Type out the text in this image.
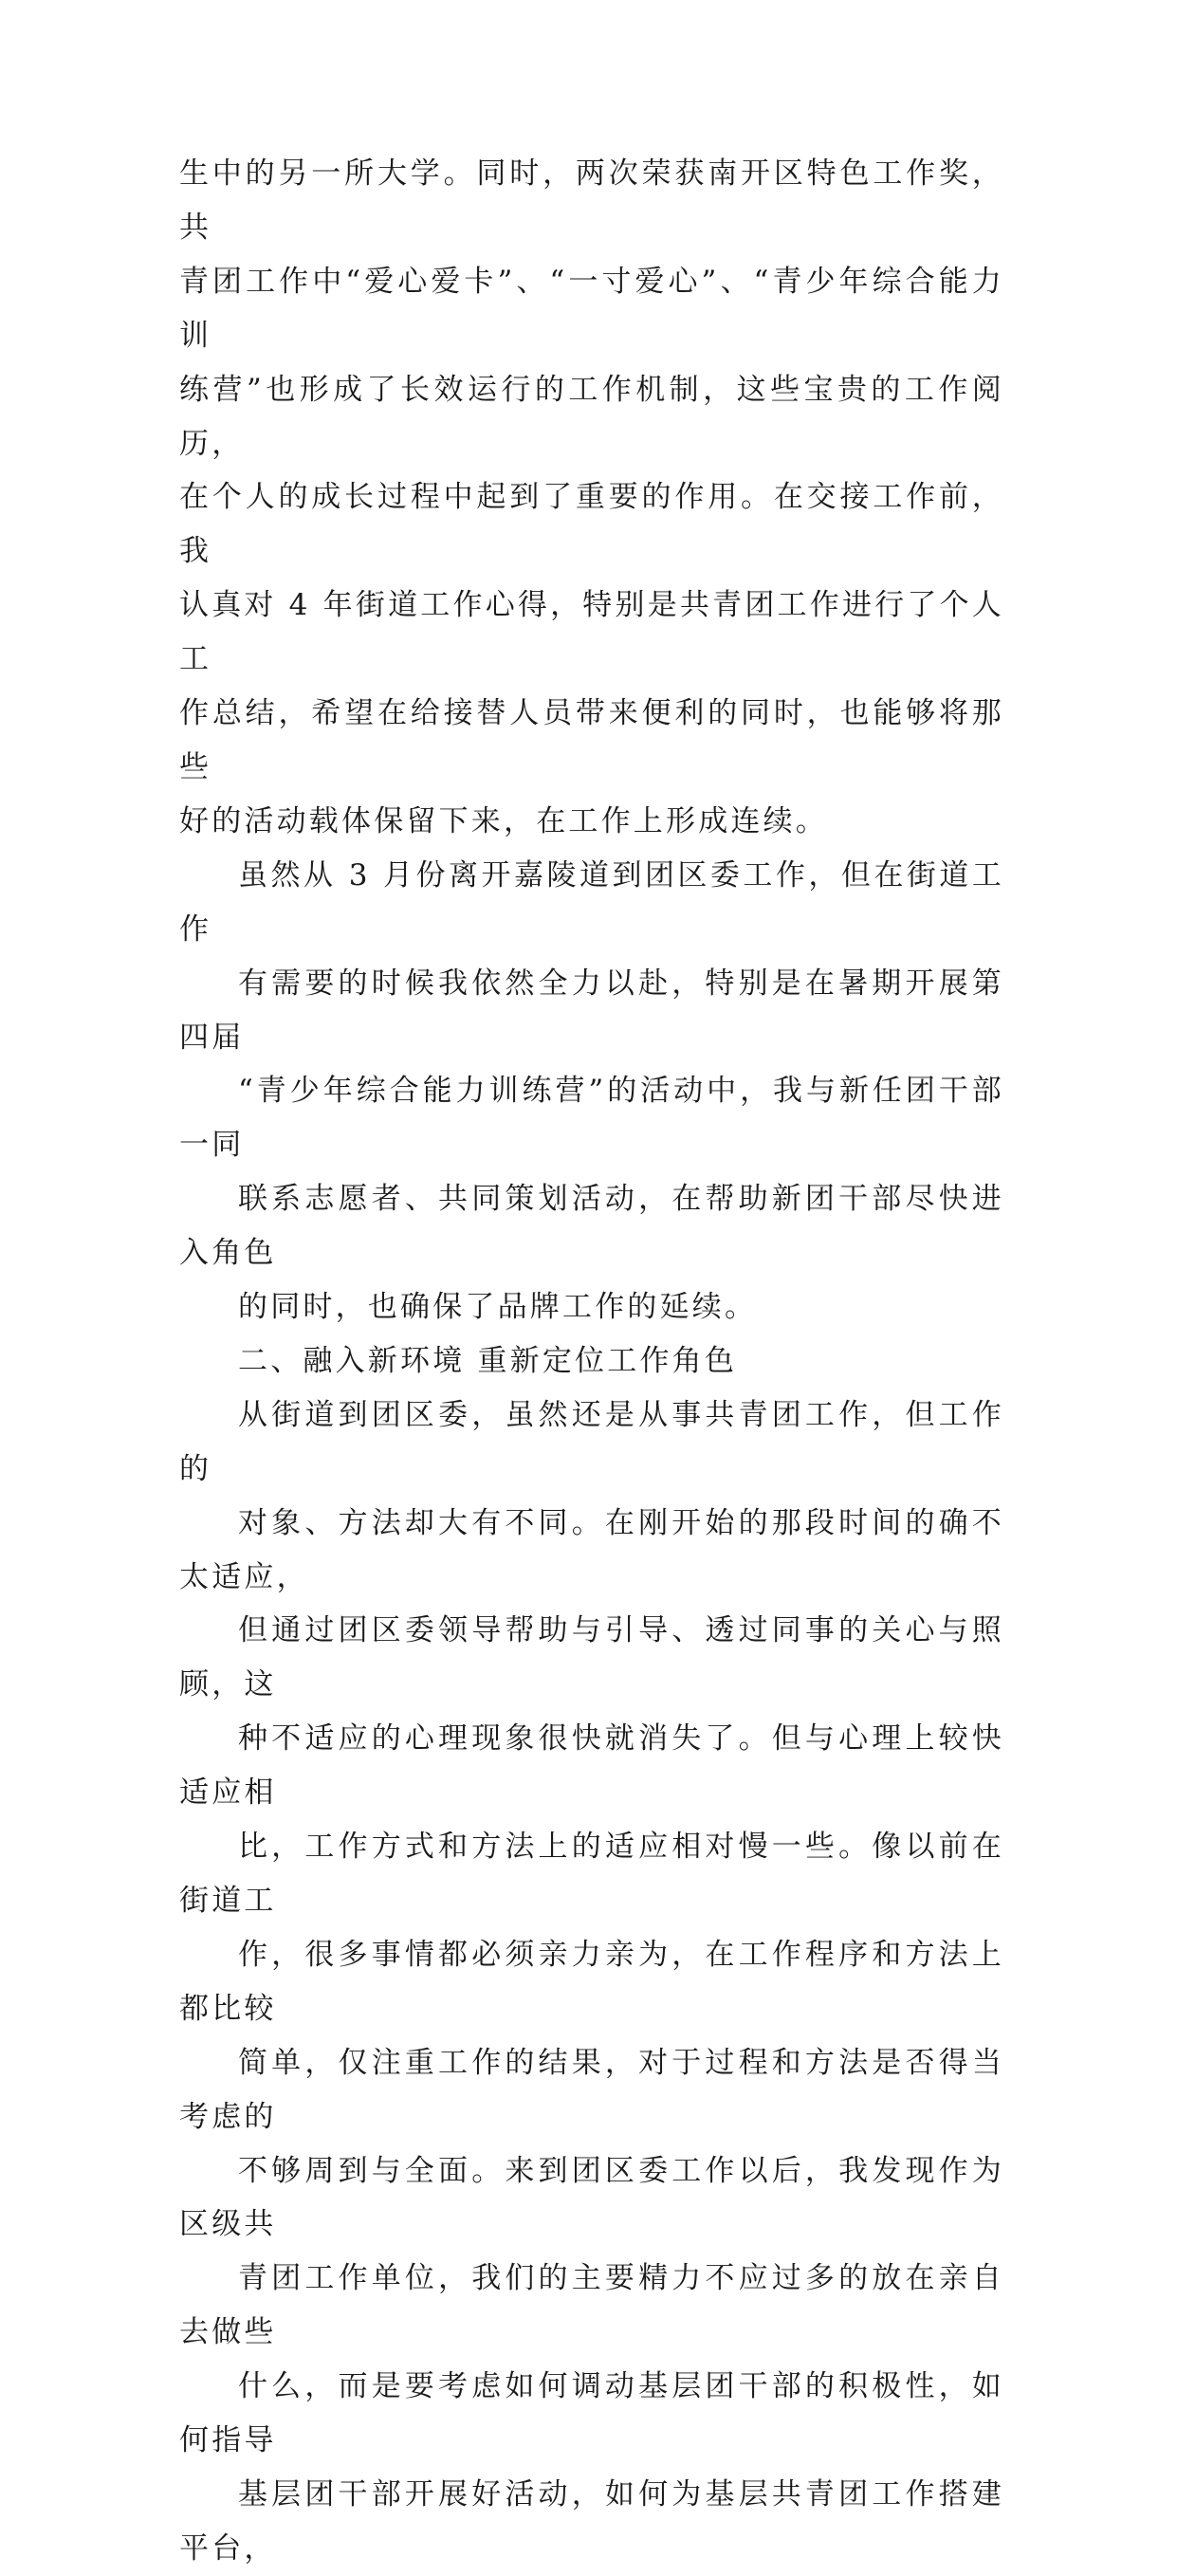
生中的另一所大学。同时，两次荣获南开区特色工作奖，共
青团工作中“爱心爱卡”、“一寸爱心”、“青少年综合能力训
练营”也形成了长效运行的工作机制，这些宝贵的工作阅历，
在个人的成长过程中起到了重要的作用。在交接工作前，我
认真对 4 年街道工作心得，特别是共青团工作进行了个人工
作总结，希望在给接替人员带来便利的同时，也能够将那些
好的活动载体保留下来，在工作上形成连续。

虽然从 3 月份离开嘉陵道到团区委工作，但在街道工作
有需要的时候我依然全力以赴，特别是在暑期开展第四届
“青少年综合能力训练营”的活动中，我与新任团干部一同
联系志愿者、共同策划活动，在帮助新团干部尽快进入角色
的同时，也确保了品牌工作的延续。

二、融入新环境 重新定位工作角色

从街道到团区委，虽然还是从事共青团工作，但工作的
对象、方法却大有不同。在刚开始的那段时间的确不太适应，
但通过团区委领导帮助与引导、透过同事的关心与照顾，这
种不适应的心理现象很快就消失了。但与心理上较快适应相
比，工作方式和方法上的适应相对慢一些。像以前在街道工
作，很多事情都必须亲力亲为，在工作程序和方法上都比较
简单，仅注重工作的结果，对于过程和方法是否得当考虑的
不够周到与全面。来到团区委工作以后，我发现作为区级共
青团工作单位，我们的主要精力不应过多的放在亲自去做些
什么，而是要考虑如何调动基层团干部的积极性，如何指导
基层团干部开展好活动，如何为基层共青团工作搭建平台，
